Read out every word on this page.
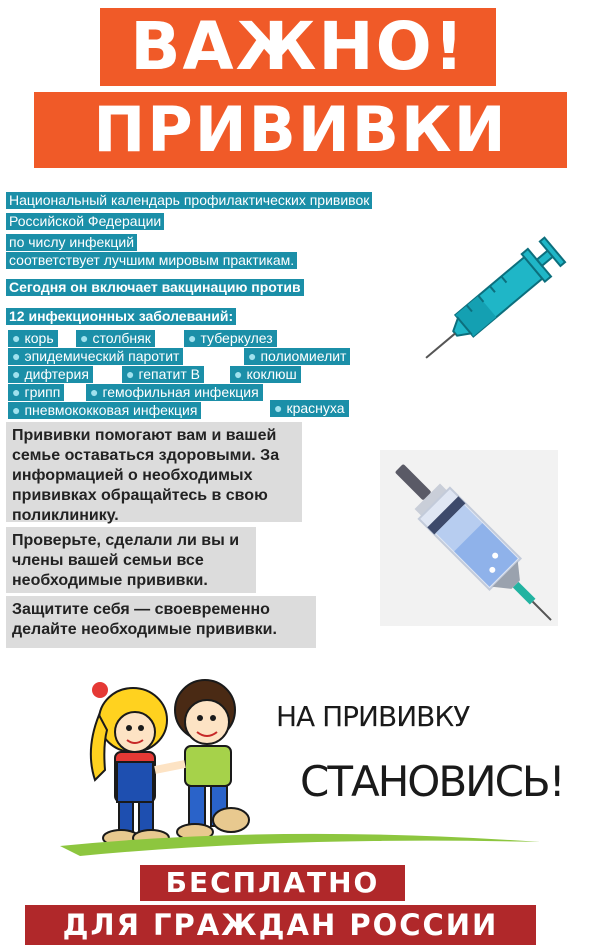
ВАЖНО!
ПРИВИВКИ
Национальный календарь профилактических прививок
Российской Федерации
по числу инфекций
соответствует лучшим мировым практикам.
Сегодня он включает вакцинацию против
12 инфекционных заболеваний:
● корь ● столбняк	● туберкулез
● эпидемический паротит	● полиомиелит
● дифтерия	● гепатит В ● коклюш
● грипп ● гемофильная инфекция
● пневмококковая инфекция	● краснуха
Прививки помогают вам и вашей семье оставаться здоровыми. За информацией о необходимых прививках обращайтесь в свою поликлинику.
Проверьте, сделали ли вы и члены вашей семьи все необходимые прививки.
Защитите себя — своевременно делайте необходимые прививки.
НА ПРИВИВКУ
СТАНОВИСЬ!
БЕСПЛАТНО
ДЛЯ ГРАЖДАН РОССИИ
